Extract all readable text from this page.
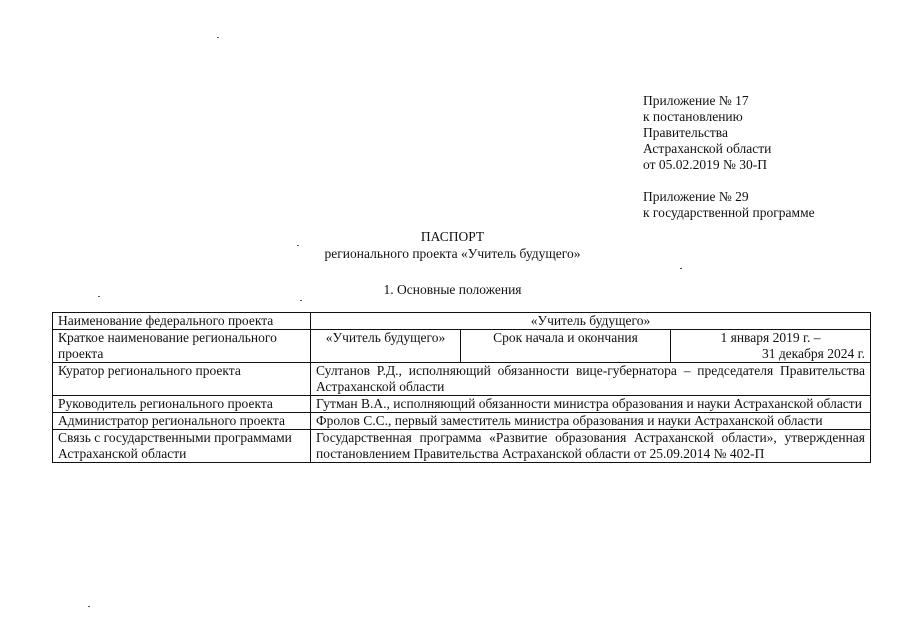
Приложение № 17
к постановлению
Правительства
Астраханской области
от 05.02.2019 № 30-П
Приложение № 29
к государственной программе
ПАСПОРТ
регионального проекта «Учитель будущего»
1. Основные положения
Наименование федерального проекта	«Учитель будущего»		
Краткое наименование регионального проекта	«Учитель будущего»	Срок начала и окончания	1 января 2019 г. –
31 декабря 2024 г.

Куратор регионального проекта	Султанов Р.Д., исполняющий обязанности вице-губернатора – председателя Правительства Астраханской области		
Руководитель регионального проекта	Гутман В.А., исполняющий обязанности министра образования и науки Астраханской области		
Администратор регионального проекта	Фролов С.С., первый заместитель министра образования и науки Астраханской области		
Связь с государственными программами Астраханской области	Государственная программа «Развитие образования Астраханской области», утвержденная постановлением Правительства Астраханской области от 25.09.2014 № 402-П		
